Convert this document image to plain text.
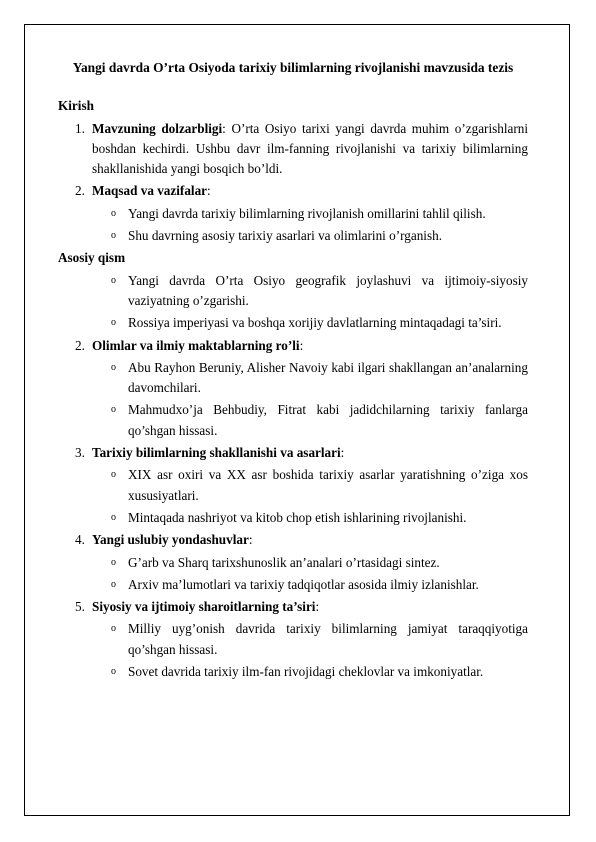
Yangi davrda O’rta Osiyoda tarixiy bilimlarning rivojlanishi mavzusida tezis
Kirish
1. Mavzuning dolzarbligi: O’rta Osiyo tarixi yangi davrda muhim o’zgarishlarni boshdan kechirdi. Ushbu davr ilm-fanning rivojlanishi va tarixiy bilimlarning shakllanishida yangi bosqich bo’ldi.
2. Maqsad va vazifalar:
o Yangi davrda tarixiy bilimlarning rivojlanish omillarini tahlil qilish.
o Shu davrning asosiy tarixiy asarlari va olimlarini o’rganish.
Asosiy qism
o Yangi davrda O’rta Osiyo geografik joylashuvi va ijtimoiy-siyosiy vaziyatning o’zgarishi.
o Rossiya imperiyasi va boshqa xorijiy davlatlarning mintaqadagi ta’siri.
2. Olimlar va ilmiy maktablarning ro’li:
o Abu Rayhon Beruniy, Alisher Navoiy kabi ilgari shakllangan an’analarning davomchilari.
o Mahmudxo’ja Behbudiy, Fitrat kabi jadidchilarning tarixiy fanlarga qo’shgan hissasi.
3. Tarixiy bilimlarning shakllanishi va asarlari:
o XIX asr oxiri va XX asr boshida tarixiy asarlar yaratishning o’ziga xos xususiyatlari.
o Mintaqada nashriyot va kitob chop etish ishlarining rivojlanishi.
4. Yangi uslubiy yondashuvlar:
o G’arb va Sharq tarixshunoslik an’analari o’rtasidagi sintez.
o Arxiv ma’lumotlari va tarixiy tadqiqotlar asosida ilmiy izlanishlar.
5. Siyosiy va ijtimoiy sharoitlarning ta’siri:
o Milliy uyg’onish davrida tarixiy bilimlarning jamiyat taraqqiyotiga qo’shgan hissasi.
o Sovet davrida tarixiy ilm-fan rivojidagi cheklovlar va imkoniyatlar.
